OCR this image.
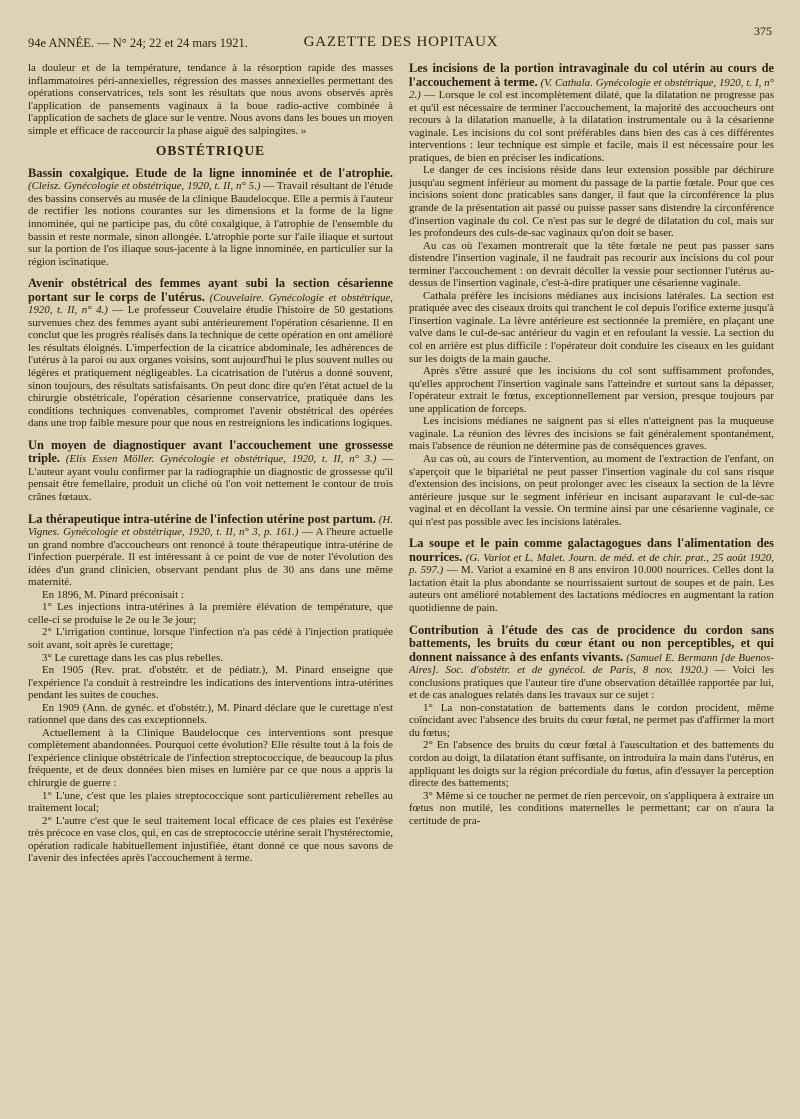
94e ANNÉE. — N° 24; 22 et 24 mars 1921.	GAZETTE DES HOPITAUX
375

la douleur et de la température, tendance à la résorption rapide des masses inflammatoires péri-annexielles, régression des masses annexielles permettant des opérations conservatrices, tels sont les résultats que nous avons observés après l'application de pansements vaginaux à la boue radio-active combinée à l'application de sachets de glace sur le ventre. Nous avons dans les boues un moyen simple et efficace de raccourcir la phase aiguë des salpingites. »

OBSTÉTRIQUE

Bassin coxalgique. Etude de la ligne innominée et de l'atrophie. (Cleisz. Gynécologie et obstétrique, 1920, t. II, n° 5.) — Travail résultant de l'étude des bassins conservés au musée de la clinique Baudelocque. Elle a permis à l'auteur de rectifier les notions courantes sur les dimensions et la forme de la ligne innominée, qui ne participe pas, du côté coxalgique, à l'atrophie de l'ensemble du bassin et reste normale, sinon allongée. L'atrophie porte sur l'aile iliaque et surtout sur la portion de l'os iliaque sous-jacente à la ligne innominée, en particulier sur la région iscïnatique.

Avenir obstétrical des femmes ayant subi la section césarienne portant sur le corps de l'utérus. (Couvelaire. Gynécologie et obstétrique, 1920, t. II, n° 4.) — Le professeur Couvelaire étudie l'histoire de 50 gestations survenues chez des femmes ayant subi antérieurement l'opération césarienne. Il en conclut que les progrès réalisés dans la technique de cette opération en ont amélioré les résultats éloignés. L'imperfection de la cicatrice abdominale, les adhérences de l'utérus à la paroi ou aux organes voisins, sont aujourd'hui le plus souvent nulles ou légères et pratiquement négligeables. La cicatrisation de l'utérus a donné souvent, sinon toujours, des résultats satisfaisants. On peut donc dire qu'en l'état actuel de la chirurgie obstétricale, l'opération césarienne conservatrice, pratiquée dans les conditions techniques convenables, compromet l'avenir obstétrical des opérées dans une trop faible mesure pour que nous en restreignions les indications logiques.

Un moyen de diagnostiquer avant l'accouchement une grossesse triple. (Elis Essen Möller. Gynécologie et obstétrique, 1920, t. II, n° 3.) — L'auteur ayant voulu confirmer par la radiographie un diagnostic de grossesse qu'il pensait être femellaire, produit un cliché où l'on voit nettement le contour de trois crânes fœtaux.

La thérapeutique intra-utérine de l'infection utérine post partum. (H. Vignes. Gynécologie et obstétrique, 1920, t. II, n° 3, p. 161.) — A l'heure actuelle un grand nombre d'accoucheurs ont renoncé à toute thérapeutique intra-utérine de l'infection puerpérale. Il est intéressant à ce point de vue de noter l'évolution des idées d'un grand clinicien, observant pendant plus de 30 ans dans une même maternité.

En 1896, M. Pinard préconisait :

1° Les injections intra-utérines à la première élévation de température, que celle-ci se produise le 2e ou le 3e jour;

2° L'irrigation continue, lorsque l'infection n'a pas cédé à l'injection pratiquée soit avant, soit après le curettage;

3° Le curettage dans les cas plus rebelles.

En 1905 (Rev. prat. d'obstétr. et de pédiatr.), M. Pinard enseigne que l'expérience l'a conduit à restreindre les indications des interventions intra-utérines pendant les suites de couches.

En 1909 (Ann. de gynéc. et d'obstétr.), M. Pinard déclare que le curettage n'est rationnel que dans des cas exceptionnels.

Actuellement à la Clinique Baudelocque ces interventions sont presque complètement abandonnées. Pourquoi cette évolution? Elle résulte tout à la fois de l'expérience clinique obstétricale de l'infection streptococcique, de beaucoup la plus fréquente, et de deux données bien mises en lumière par ce que nous a appris la chirurgie de guerre :

1° L'une, c'est que les plaies streptococcique sont particulièrement rebelles au traitement local;

2° L'autre c'est que le seul traitement local efficace de ces plaies est l'exérèse très précoce en vase clos, qui, en cas de streptococcie utérine serait l'hystérectomie, opération radicale habituellement injustifiée, étant donné ce que nous savons de l'avenir des infectées après l'accouchement à terme.

Les incisions de la portion intravaginale du col utérin au cours de l'accouchement à terme. (V. Cathala. Gynécologie et obstétrique, 1920, t. I, n° 2.) — Lorsque le col est incomplètement dilaté, que la dilatation ne progresse pas et qu'il est nécessaire de terminer l'accouchement, la majorité des accoucheurs ont recours à la dilatation manuelle, à la dilatation instrumentale ou à la césarienne vaginale. Les incisions du col sont préférables dans bien des cas à ces différentes interventions : leur technique est simple et facile, mais il est nécessaire pour les pratiques, de bien en préciser les indications.

Le danger de ces incisions réside dans leur extension possible par déchirure jusqu'au segment inférieur au moment du passage de la partie fœtale. Pour que ces incisions soient donc praticables sans danger, il faut que la circonférence la plus grande de la présentation ait passé ou puisse passer sans distendre la circonférence d'insertion vaginale du col. Ce n'est pas sur le degré de dilatation du col, mais sur les profondeurs des culs-de-sac vaginaux qu'on doit se baser.

Au cas où l'examen montrerait que la tête fœtale ne peut pas passer sans distendre l'insertion vaginale, il ne faudrait pas recourir aux incisions du col pour terminer l'accouchement : on devrait décoller la vessie pour sectionner l'utérus au-dessus de l'insertion vaginale, c'est-à-dire pratiquer une césarienne vaginale.

Cathala préfère les incisions médianes aux incisions latérales. La section est pratiquée avec des ciseaux droits qui tranchent le col depuis l'orifice externe jusqu'à l'insertion vaginale. La lèvre antérieure est sectionnée la première, en plaçant une valve dans le cul-de-sac antérieur du vagin et en refoulant la vessie. La section du col en arrière est plus difficile : l'opérateur doit conduire les ciseaux en les guidant sur les doigts de la main gauche.

Après s'être assuré que les incisions du col sont suffisamment profondes, qu'elles approchent l'insertion vaginale sans l'atteindre et surtout sans la dépasser, l'opérateur extrait le fœtus, exceptionnellement par version, presque toujours par une application de forceps.

Les incisions médianes ne saignent pas si elles n'atteignent pas la muqueuse vaginale. La réunion des lèvres des incisions se fait généralement spontanément, mais l'absence de réunion ne détermine pas de conséquences graves.

Au cas où, au cours de l'intervention, au moment de l'extraction de l'enfant, on s'aperçoit que le bipariétal ne peut passer l'insertion vaginale du col sans risque d'extension des incisions, on peut prolonger avec les ciseaux la section de la lèvre antérieure jusque sur le segment inférieur en incisant auparavant le cul-de-sac vaginal et en décollant la vessie. On termine ainsi par une césarienne vaginale, ce qui n'est pas possible avec les incisions latérales.

La soupe et le pain comme galactagogues dans l'alimentation des nourrices. (G. Variot et L. Malet. Journ. de méd. et de chir. prat., 25 août 1920, p. 597.) — M. Variot a examiné en 8 ans environ 10.000 nourrices. Celles dont la lactation était la plus abondante se nourrissaient surtout de soupes et de pain. Les auteurs ont amélioré notablement des lactations médiocres en augmentant la ration quotidienne de pain.

Contribution à l'étude des cas de procidence du cordon sans battements, les bruits du cœur étant ou non perceptibles, et qui donnent naissance à des enfants vivants. (Samuel E. Bermann [de Buenos-Aires]. Soc. d'obstétr. et de gynécol. de Paris, 8 nov. 1920.) — Voici les conclusions pratiques que l'auteur tire d'une observation détaillée rapportée par lui, et de cas analogues relatés dans les travaux sur ce sujet :

1° La non-constatation de battements dans le cordon procident, même coïncidant avec l'absence des bruits du cœur fœtal, ne permet pas d'affirmer la mort du fœtus;

2° En l'absence des bruits du cœur fœtal à l'auscultation et des battements du cordon au doigt, la dilatation étant suffisante, on introduira la main dans l'utérus, en appliquant les doigts sur la région précordiale du fœtus, afin d'essayer la perception directe des battements;

3° Même si ce toucher ne permet de rien percevoir, on s'appliquera à extraire un fœtus non mutilé, les conditions maternelles le permettant; car on n'aura la certitude de pra-
